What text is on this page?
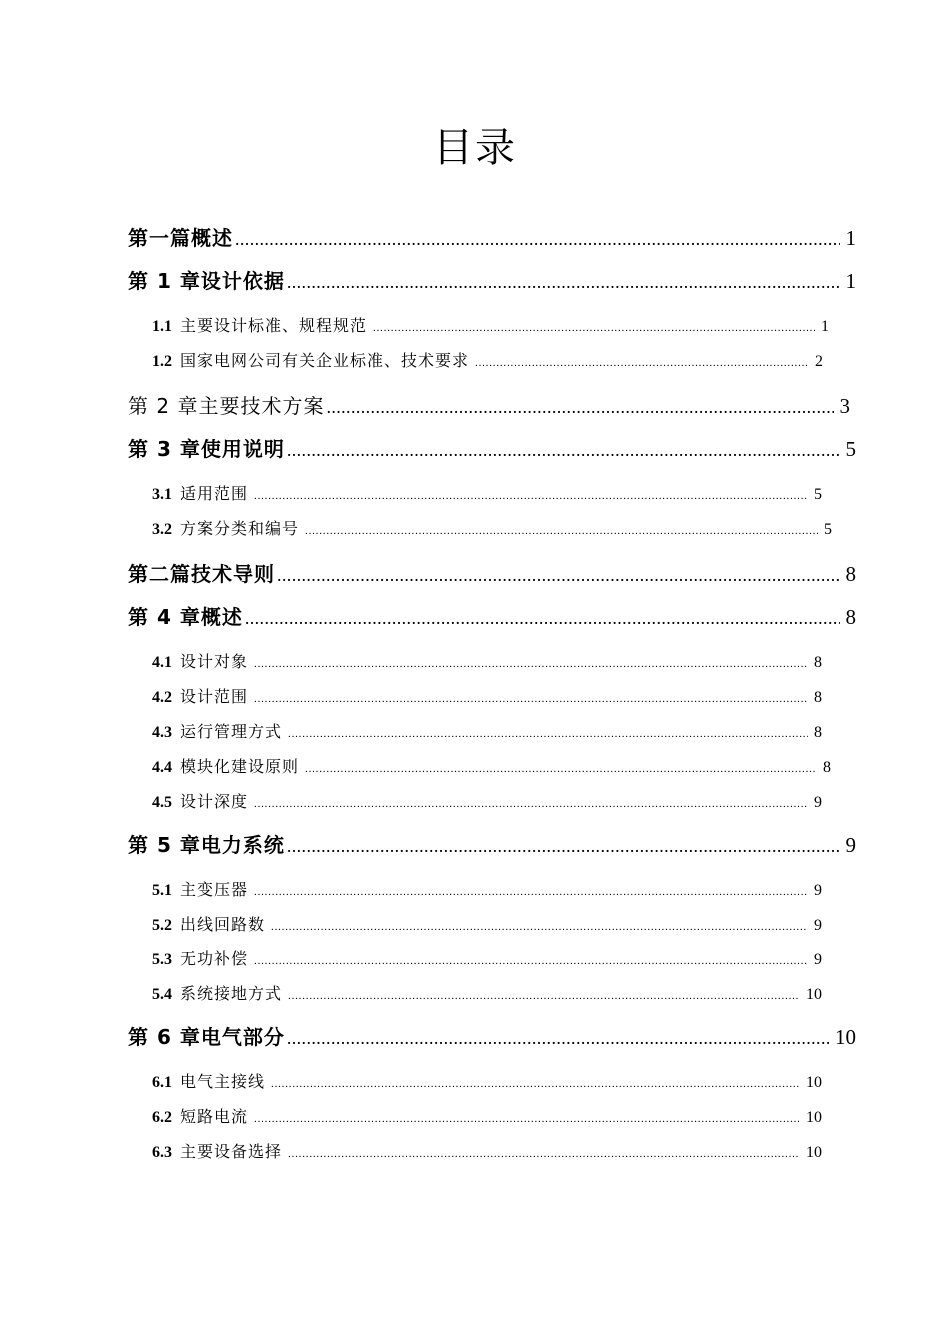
目录
第一篇概述 .....	1
第 1 章设计依据 .....	1
1.1 主要设计标准、规程规范 .....	1
1.2 国家电网公司有关企业标准、技术要求 .....	2
第 2 章主要技术方案 .....	3
第 3 章使用说明 .....	5
3.1 适用范围 .....	5
3.2 方案分类和编号 .....	5
第二篇技术导则 .....	8
第 4 章概述 .....	8
4.1 设计对象 .....	8
4.2 设计范围 .....	8
4.3 运行管理方式 .....	8
4.4 模块化建设原则 .....	8
4.5 设计深度 .....	9
第 5 章电力系统 .....	9
5.1 主变压器 .....	9
5.2 出线回路数 .....	9
5.3 无功补偿 .....	9
5.4 系统接地方式 .....	10
第 6 章电气部分 .....	10
6.1 电气主接线 .....	10
6.2 短路电流 .....	10
6.3 主要设备选择 .....	10
